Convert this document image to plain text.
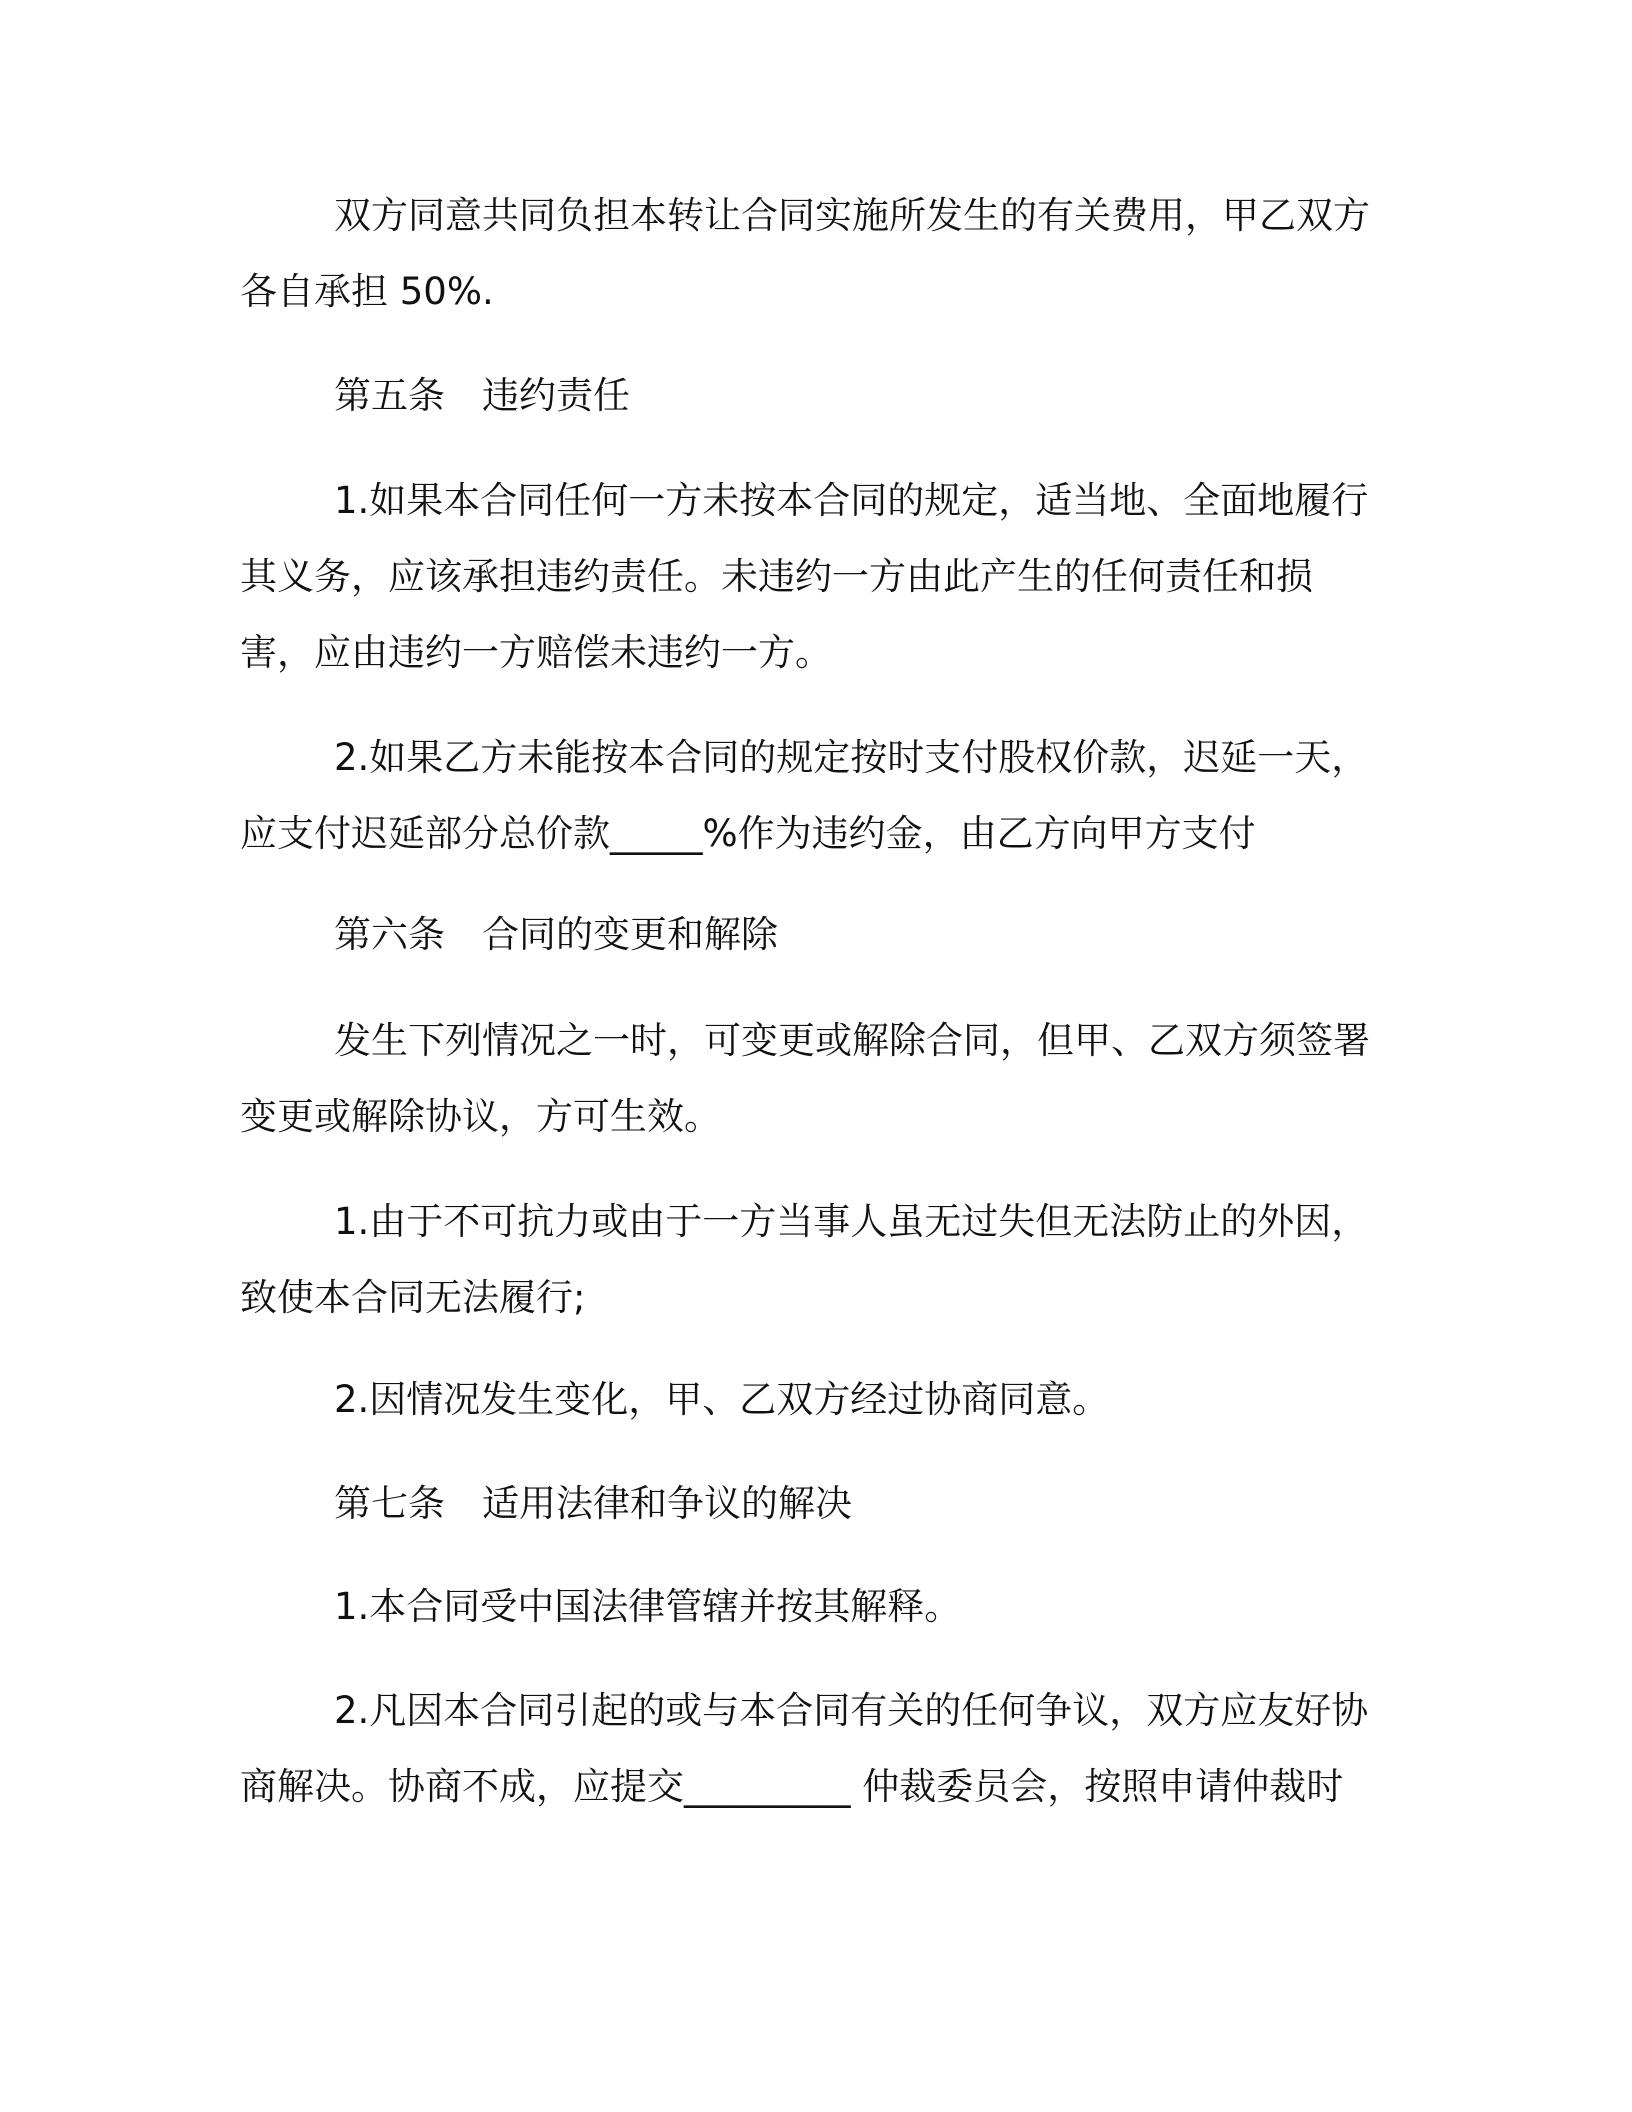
双方同意共同负担本转让合同实施所发生的有关费用，甲乙双方各自承担 50%.

第五条　违约责任

1.如果本合同任何一方未按本合同的规定，适当地、全面地履行其义务，应该承担违约责任。未违约一方由此产生的任何责任和损害，应由违约一方赔偿未违约一方。

2.如果乙方未能按本合同的规定按时支付股权价款，迟延一天，应支付迟延部分总价款_____%作为违约金，由乙方向甲方支付

第六条　合同的变更和解除

发生下列情况之一时，可变更或解除合同，但甲、乙双方须签署变更或解除协议，方可生效。

1.由于不可抗力或由于一方当事人虽无过失但无法防止的外因，致使本合同无法履行;

2.因情况发生变化，甲、乙双方经过协商同意。

第七条　适用法律和争议的解决

1.本合同受中国法律管辖并按其解释。

2.凡因本合同引起的或与本合同有关的任何争议，双方应友好协商解决。协商不成，应提交_________ 仲裁委员会，按照申请仲裁时
